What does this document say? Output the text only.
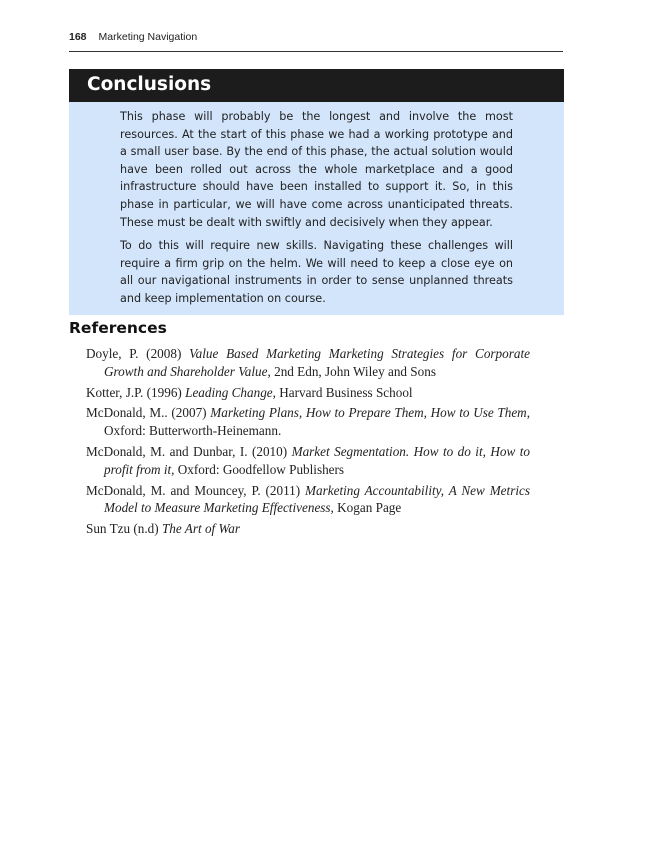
168 Marketing Navigation
Conclusions

This phase will probably be the longest and involve the most resources. At the start of this phase we had a working prototype and a small user base. By the end of this phase, the actual solution would have been rolled out across the whole marketplace and a good infrastructure should have been installed to support it. So, in this phase in particular, we will have come across unanticipated threats. These must be dealt with swiftly and decisively when they appear.

To do this will require new skills. Navigating these challenges will require a firm grip on the helm. We will need to keep a close eye on all our navigational instruments in order to sense unplanned threats and keep implementation on course.

References
Doyle, P. (2008) Value Based Marketing Marketing Strategies for Corporate Growth and Shareholder Value, 2nd Edn, John Wiley and Sons
Kotter, J.P. (1996) Leading Change, Harvard Business School
McDonald, M.. (2007) Marketing Plans, How to Prepare Them, How to Use Them, Oxford: Butterworth-Heinemann.
McDonald, M. and Dunbar, I. (2010) Market Segmentation. How to do it, How to profit from it, Oxford: Goodfellow Publishers
McDonald, M. and Mouncey, P. (2011) Marketing Accountability, A New Metrics Model to Measure Marketing Effectiveness, Kogan Page
Sun Tzu (n.d) The Art of War
